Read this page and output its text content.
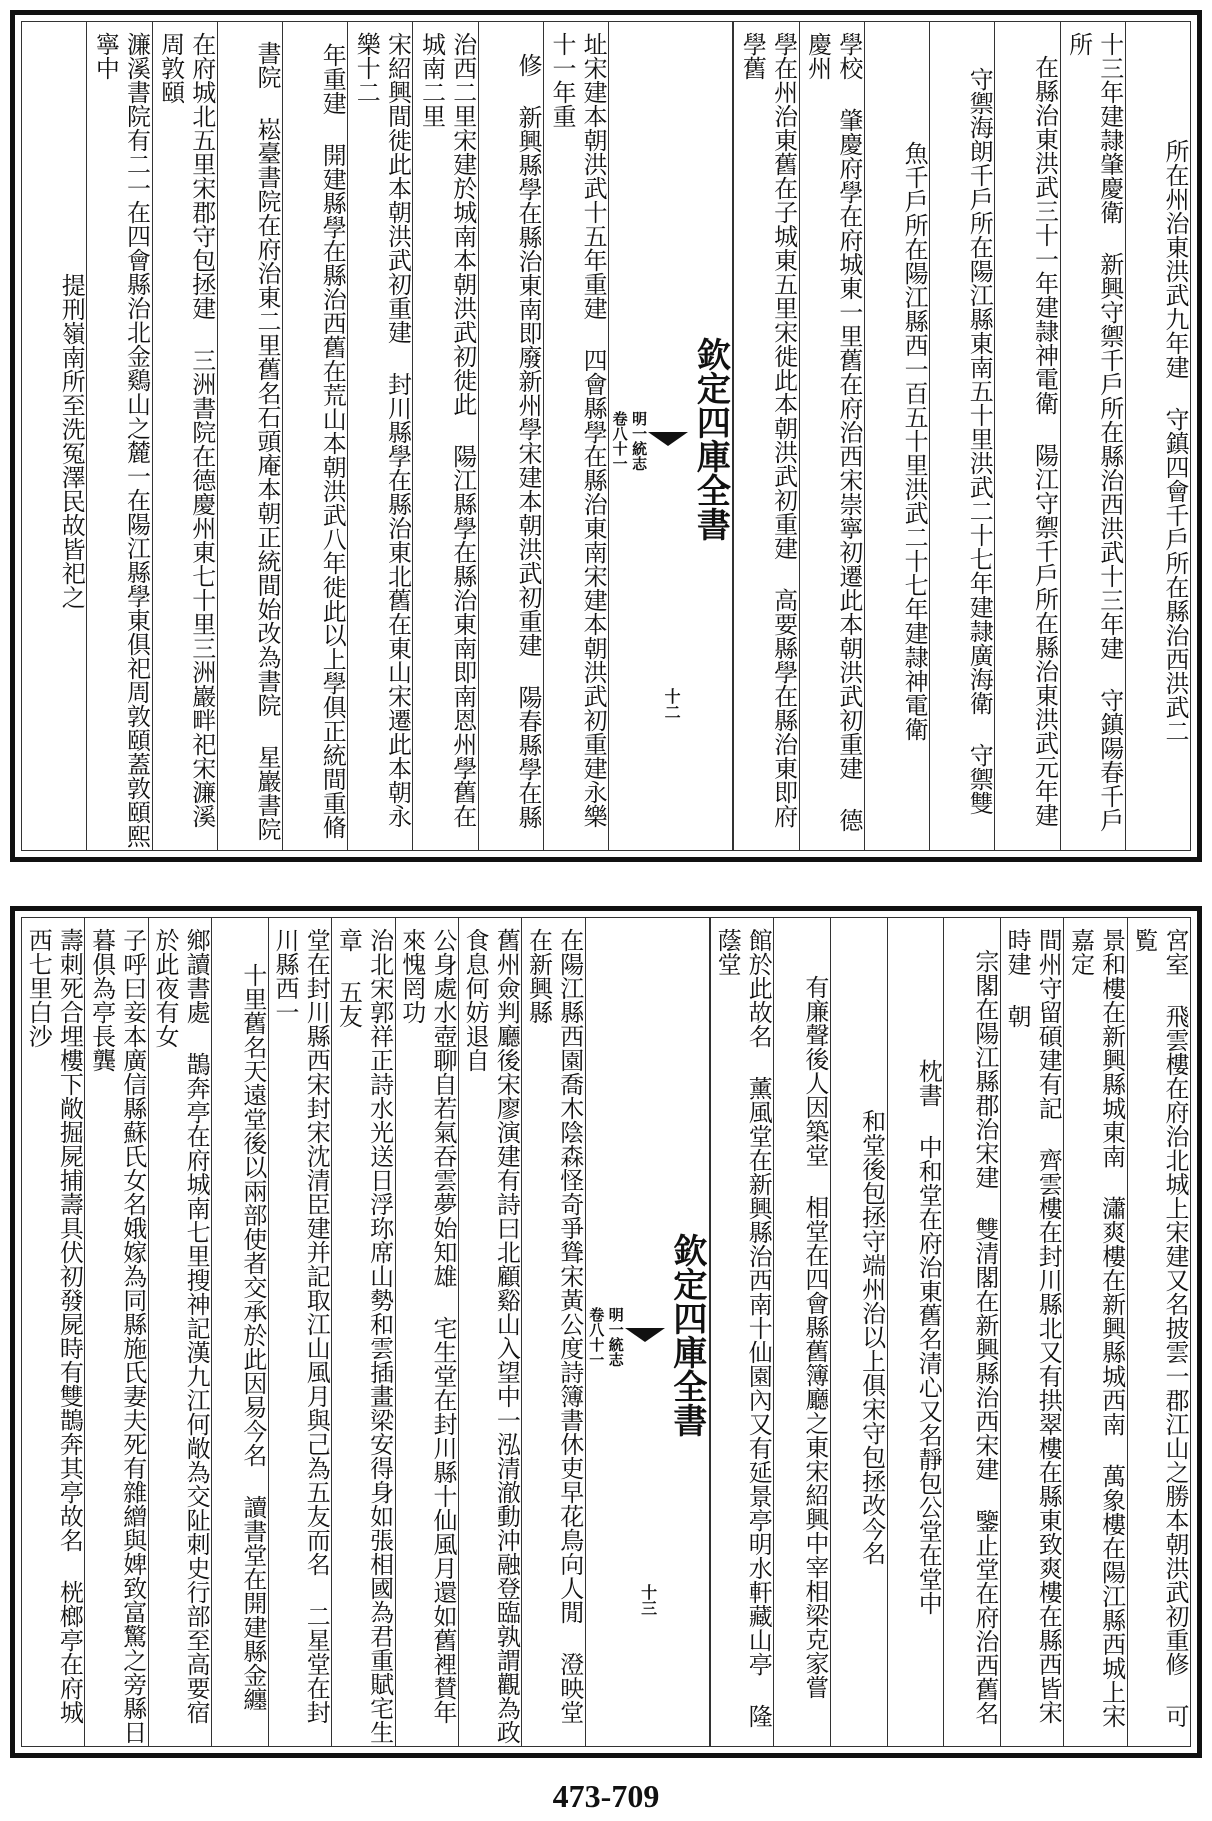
所在州治東洪武九年建 守鎮四會千戶所在縣治西洪武二
十三年建隷肇慶衛 新興守禦千戶所在縣治西洪武十三年建 守鎮陽春千戶所
在縣治東洪武三十一年建隷神電衛 陽江守禦千戶所在縣治東洪武元年建
守禦海朗千戶所在陽江縣東南五十里洪武二十七年建隷廣海衛 守禦雙
魚千戶所在陽江縣西一百五十里洪武二十七年建隷神電衛
學校 肇慶府學在府城東一里舊在府治西宋崇寧初遷此本朝洪武初重建 德慶州
學在州治東舊在子城東五里宋徙此本朝洪武初重建 高要縣學在縣治東即府學舊
欽定四庫全書
明一統志
卷八十一
十二
址宋建本朝洪武十五年重建 四會縣學在縣治東南宋建本朝洪武初重建永樂十一年重
修 新興縣學在縣治東南即廢新州學宋建本朝洪武初重建 陽春縣學在縣
治西二里宋建於城南本朝洪武初徙此 陽江縣學在縣治東南即南恩州學舊在城南二里
宋紹興間徙此本朝洪武初重建 封川縣學在縣治東北舊在東山宋遷此本朝永樂十二
年重建 開建縣學在縣治西舊在荒山本朝洪武八年徙此以上學俱正統間重脩
書院 崧臺書院在府治東二里舊名石頭庵本朝正統間始改為書院 星巖書院
在府城北五里宋郡守包拯建 三洲書院在德慶州東七十里三洲巖畔祀宋濂溪周敦頤
濂溪書院有二一在四會縣治北金鷄山之麓一在陽江縣學東俱祀周敦頤蓋敦頤熙寧中
提刑嶺南所至洗冤澤民故皆祀之
宮室 飛雲樓在府治北城上宋建又名披雲一郡江山之勝本朝洪武初重修 可覧
景和樓在新興縣城東南 瀟爽樓在新興縣城西南 萬象樓在陽江縣西城上宋嘉定
間州守留碩建有記 齊雲樓在封川縣北又有拱翠樓在縣東致爽樓在縣西皆宋時建 朝
宗閣在陽江縣郡治宋建 雙清閣在新興縣治西宋建 鑒止堂在府治西舊名
枕書 中和堂在府治東舊名清心又名靜包公堂在堂中
和堂後包拯守端州治以上俱宋守包拯改今名
有廉聲後人因築堂 相堂在四會縣舊簿廳之東宋紹興中宰相梁克家嘗
館於此故名 薰風堂在新興縣治西南十仙園內又有延景亭明水軒藏山亭 隆蔭堂
欽定四庫全書
明一統志
卷八十一
十三
在陽江縣西園喬木陰森怪奇爭聳宋黃公度詩簿書休吏早花鳥向人閒 澄映堂在新興縣
舊州僉判廳後宋廖演建有詩曰北顧谿山入望中一泓清澈動沖融登臨孰謂觀為政食息何妨退自
公身處水壺聊自若氣吞雲夢始知雄 宅生堂在封川縣十仙風月還如舊裡賛年來愧罔功
治北宋郭祥正詩水光送日浮珎席山勢和雲插畫梁安得身如張相國為君重賦宅生章 五友
堂在封川縣西宋封宋沈清臣建并記取江山風月與己為五友而名 二星堂在封川縣西一
十里舊名天遠堂後以兩部使者交承於此因易今名 讀書堂在開建縣金纏
鄉讀書處 鵲奔亭在府城南七里搜神記漢九江何敞為交阯刺史行部至高要宿於此夜有女
子呼曰妾本廣信縣蘇氏女名娥嫁為同縣施氏妻夫死有雜繒與婢致富驚之旁縣日暮俱為亭長龔
壽刺死合埋樓下敞掘屍捕壽具伏初發屍時有雙鵲奔其亭故名 桄榔亭在府城西七里白沙
473-709
